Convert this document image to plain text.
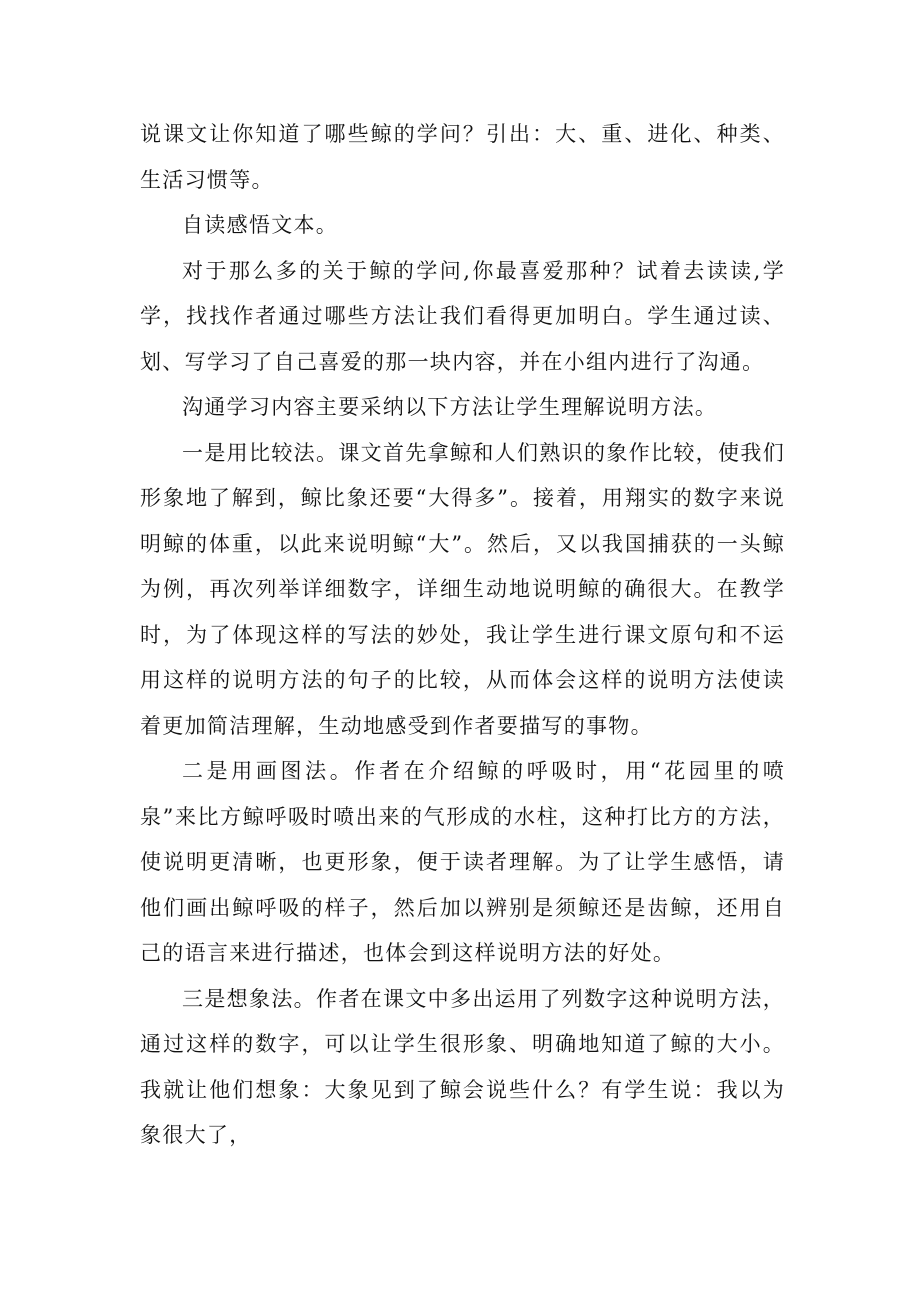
说课文让你知道了哪些鲸的学问？引出：大、重、进化、种类、生活习惯等。

自读感悟文本。

对于那么多的关于鲸的学问,你最喜爱那种？试着去读读,学学，找找作者通过哪些方法让我们看得更加明白。学生通过读、划、写学习了自己喜爱的那一块内容，并在小组内进行了沟通。

沟通学习内容主要采纳以下方法让学生理解说明方法。

一是用比较法。课文首先拿鲸和人们熟识的象作比较，使我们形象地了解到，鲸比象还要“大得多”。接着，用翔实的数字来说明鲸的体重，以此来说明鲸“大”。然后，又以我国捕获的一头鲸为例，再次列举详细数字，详细生动地说明鲸的确很大。在教学时，为了体现这样的写法的妙处，我让学生进行课文原句和不运用这样的说明方法的句子的比较，从而体会这样的说明方法使读着更加简洁理解，生动地感受到作者要描写的事物。

二是用画图法。作者在介绍鲸的呼吸时，用“花园里的喷泉”来比方鲸呼吸时喷出来的气形成的水柱，这种打比方的方法，使说明更清晰，也更形象，便于读者理解。为了让学生感悟，请他们画出鲸呼吸的样子，然后加以辨别是须鲸还是齿鲸，还用自己的语言来进行描述，也体会到这样说明方法的好处。

三是想象法。作者在课文中多出运用了列数字这种说明方法，通过这样的数字，可以让学生很形象、明确地知道了鲸的大小。我就让他们想象：大象见到了鲸会说些什么？有学生说：我以为象很大了，
